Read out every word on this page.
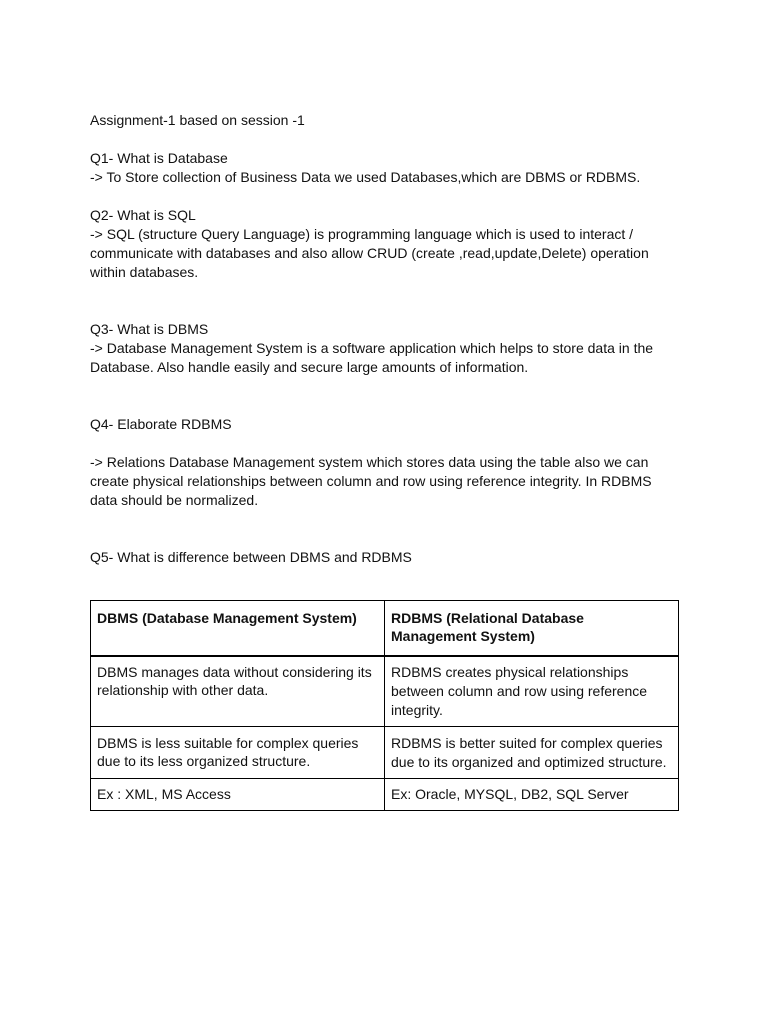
Assignment-1 based on session -1
Q1- What is Database
-> To Store collection of Business Data we used Databases,which are DBMS or RDBMS.
Q2- What is SQL
-> SQL (structure Query Language) is programming language which is used to interact /
communicate with databases and also allow CRUD (create ,read,update,Delete) operation
within databases.
Q3- What is DBMS
-> Database Management System is a software application which helps to store data in the
Database. Also handle easily and secure large amounts of information.
Q4- Elaborate RDBMS
-> Relations Database Management system which stores data using the table also we can
create physical relationships between column and row using reference integrity. In RDBMS
data should be normalized.
Q5- What is difference between DBMS and RDBMS
DBMS (Database Management System)	RDBMS (Relational Database Management System)

DBMS manages data without considering its
relationship with other data.	RDBMS creates physical relationships
between column and row using reference
integrity.

DBMS is less suitable for complex queries
due to its less organized structure.	RDBMS is better suited for complex queries
due to its organized and optimized structure.

Ex : XML, MS Access	Ex: Oracle, MYSQL, DB2, SQL Server
